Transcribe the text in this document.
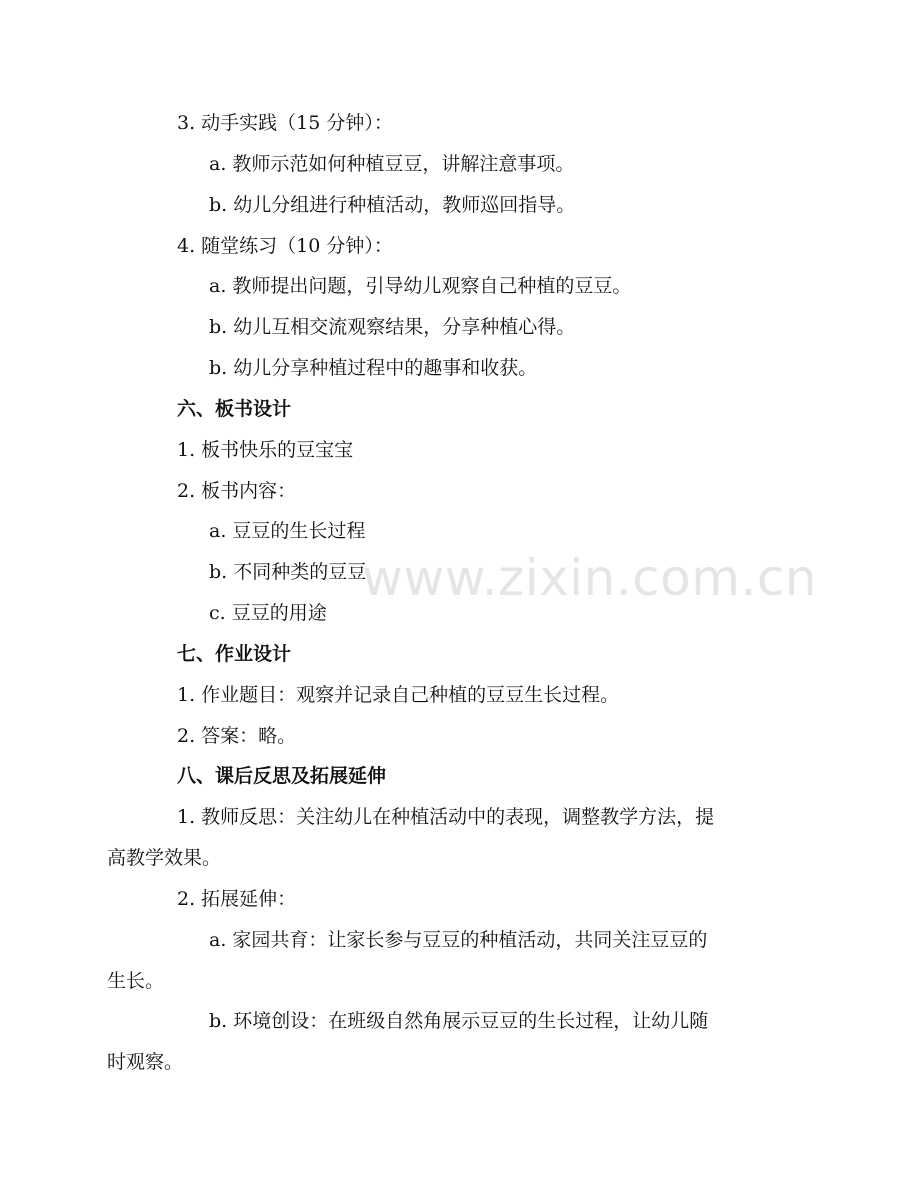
3. 动手实践（15 分钟）：
a. 教师示范如何种植豆豆，讲解注意事项。
b. 幼儿分组进行种植活动，教师巡回指导。
4. 随堂练习（10 分钟）：
a. 教师提出问题，引导幼儿观察自己种植的豆豆。
b. 幼儿互相交流观察结果，分享种植心得。
b. 幼儿分享种植过程中的趣事和收获。
六、板书设计
1. 板书快乐的豆宝宝
2. 板书内容：
a. 豆豆的生长过程
b. 不同种类的豆豆
c. 豆豆的用途
七、作业设计
1. 作业题目：观察并记录自己种植的豆豆生长过程。
2. 答案：略。
八、课后反思及拓展延伸
1. 教师反思：关注幼儿在种植活动中的表现，调整教学方法，提
高教学效果。
2. 拓展延伸：
a. 家园共育：让家长参与豆豆的种植活动，共同关注豆豆的
生长。
b. 环境创设：在班级自然角展示豆豆的生长过程，让幼儿随
时观察。
www.zixin.com.cn
